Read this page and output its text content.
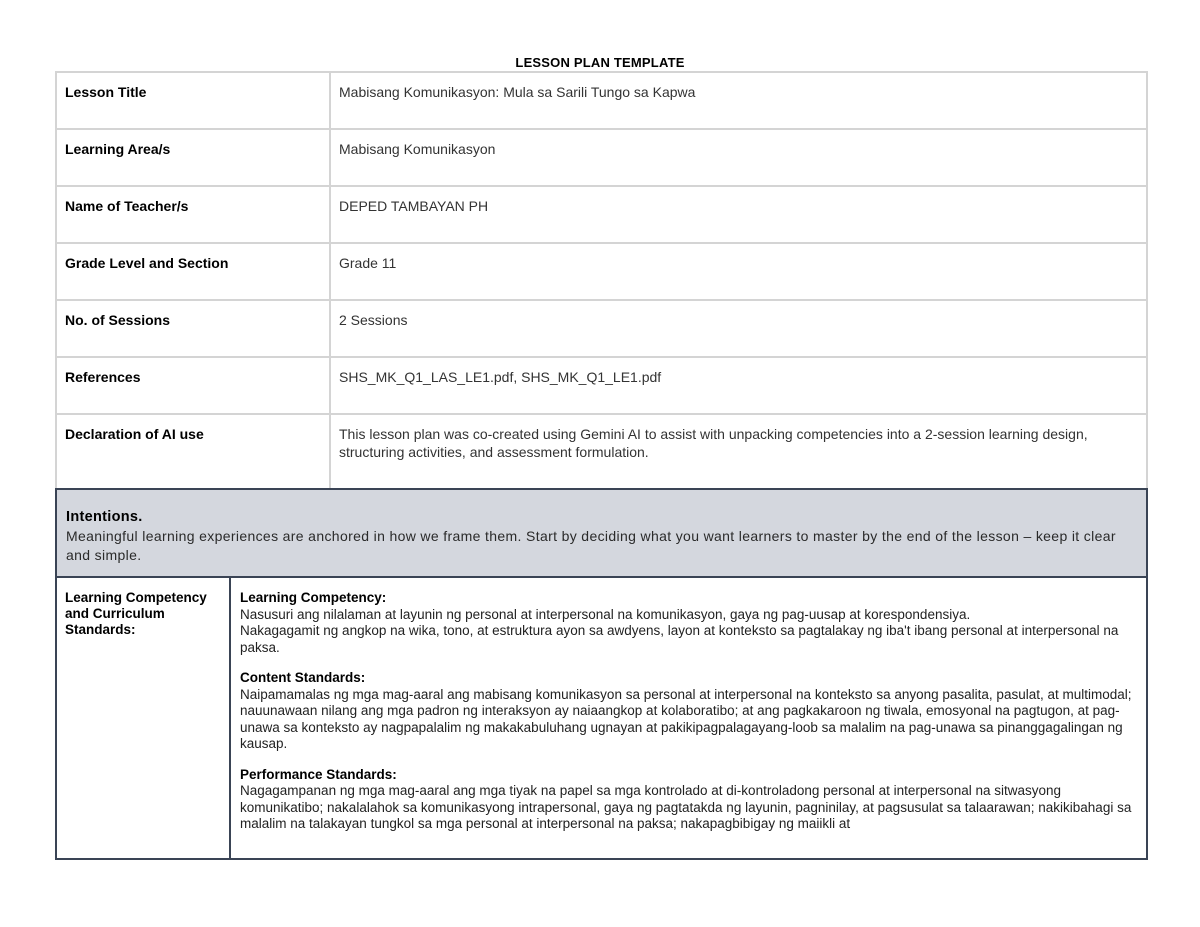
LESSON PLAN TEMPLATE
Lesson Title	Mabisang Komunikasyon: Mula sa Sarili Tungo sa Kapwa
Learning Area/s	Mabisang Komunikasyon
Name of Teacher/s	DEPED TAMBAYAN PH
Grade Level and Section	Grade 11
No. of Sessions	2 Sessions
References	SHS_MK_Q1_LAS_LE1.pdf, SHS_MK_Q1_LE1.pdf
Declaration of AI use	This lesson plan was co-created using Gemini AI to assist with unpacking competencies into a 2-session learning design, structuring activities, and assessment formulation.
Intentions.
Meaningful learning experiences are anchored in how we frame them. Start by deciding what you want learners to master by the end of the lesson – keep it clear and simple.
Learning Competency and Curriculum Standards:
Learning Competency:

Nasusuri ang nilalaman at layunin ng personal at interpersonal na komunikasyon, gaya ng pag-uusap at korespondensiya.

Nakagagamit ng angkop na wika, tono, at estruktura ayon sa awdyens, layon at konteksto sa pagtalakay ng iba't ibang personal at interpersonal na paksa.

Content Standards:

Naipamamalas ng mga mag-aaral ang mabisang komunikasyon sa personal at interpersonal na konteksto sa anyong pasalita, pasulat, at multimodal; nauunawaan nilang ang mga padron ng interaksyon ay naiaangkop at kolaboratibo; at ang pagkakaroon ng tiwala, emosyonal na pagtugon, at pag-unawa sa konteksto ay nagpapalalim ng makakabuluhang ugnayan at pakikipagpalagayang-loob sa malalim na pag-unawa sa pinanggagalingan ng kausap.

Performance Standards:

Nagagampanan ng mga mag-aaral ang mga tiyak na papel sa mga kontrolado at di-kontroladong personal at interpersonal na sitwasyong komunikatibo; nakalalahok sa komunikasyong intrapersonal, gaya ng pagtatakda ng layunin, pagninilay, at pagsusulat sa talaarawan; nakikibahagi sa malalim na talakayan tungkol sa mga personal at interpersonal na paksa; nakapagbibigay ng maiikli at
